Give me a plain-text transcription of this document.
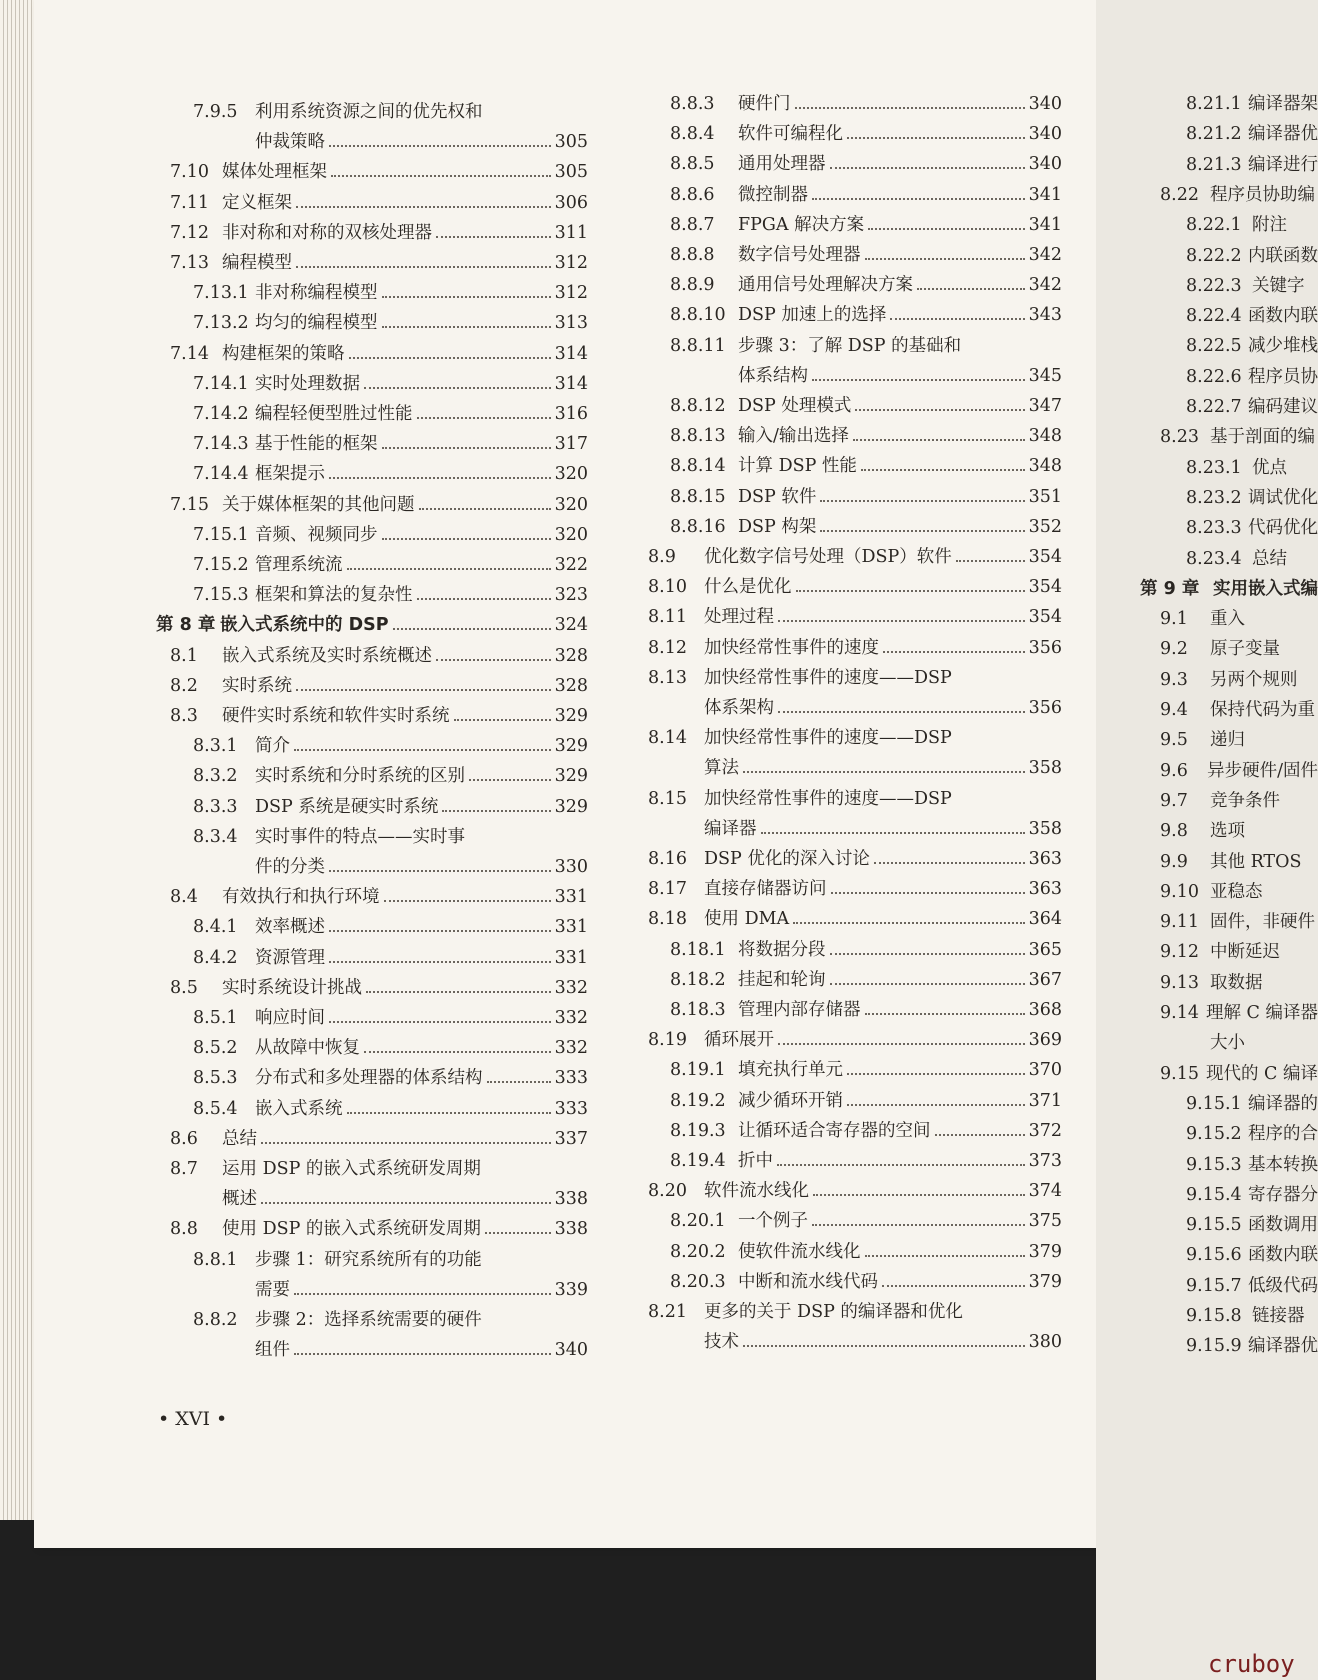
7.9.5 利用系统资源之间的优先权和
仲裁策略	305
7.10 媒体处理框架	305
7.11 定义框架	306
7.12 非对称和对称的双核处理器	311
7.13 编程模型	312
7.13.1 非对称编程模型	312
7.13.2 均匀的编程模型	313
7.14 构建框架的策略	314
7.14.1 实时处理数据	314
7.14.2 编程轻便型胜过性能	316
7.14.3 基于性能的框架	317
7.14.4 框架提示	320
7.15 关于媒体框架的其他问题	320
7.15.1 音频、视频同步	320
7.15.2 管理系统流	322
7.15.3 框架和算法的复杂性	323
第 8 章 嵌入式系统中的 DSP	324
8.1	嵌入式系统及实时系统概述	328
8.2	实时系统	328
8.3	硬件实时系统和软件实时系统	329
8.3.1 简介	329
8.3.2 实时系统和分时系统的区别	329
8.3.3 DSP 系统是硬实时系统	329
8.3.4 实时事件的特点——实时事
件的分类	330
8.4	有效执行和执行环境	331
8.4.1 效率概述	331
8.4.2 资源管理	331
8.5	实时系统设计挑战	332
8.5.1 响应时间	332
8.5.2 从故障中恢复	332
8.5.3 分布式和多处理器的体系结构	333
8.5.4 嵌入式系统	333
8.6	总结	337
8.7	运用 DSP 的嵌入式系统研发周期
概述	338
8.8	使用 DSP 的嵌入式系统研发周期	338
8.8.1 步骤 1：研究系统所有的功能
需要	339
8.8.2 步骤 2：选择系统需要的硬件
组件	340
8.8.3	硬件门	340
8.8.4	软件可编程化	340
8.8.5	通用处理器	340
8.8.6	微控制器	341
8.8.7	FPGA 解决方案	341
8.8.8	数字信号处理器	342
8.8.9	通用信号处理解决方案	342
8.8.10 DSP 加速上的选择	343
8.8.11 步骤 3：了解 DSP 的基础和
体系结构	345
8.8.12 DSP 处理模式	347
8.8.13 输入/输出选择	348
8.8.14 计算 DSP 性能	348
8.8.15 DSP 软件	351
8.8.16 DSP 构架	352
8.9	优化数字信号处理（DSP）软件	354
8.10 什么是优化	354
8.11 处理过程	354
8.12 加快经常性事件的速度	356
8.13 加快经常性事件的速度——DSP
体系架构	356
8.14 加快经常性事件的速度——DSP
算法	358
8.15 加快经常性事件的速度——DSP
编译器	358
8.16 DSP 优化的深入讨论	363
8.17 直接存储器访问	363
8.18 使用 DMA	364
8.18.1 将数据分段	365
8.18.2 挂起和轮询	367
8.18.3 管理内部存储器	368
8.19 循环展开	369
8.19.1 填充执行单元	370
8.19.2 减少循环开销	371
8.19.3 让循环适合寄存器的空间	372
8.19.4 折中	373
8.20 软件流水线化	374
8.20.1 一个例子	375
8.20.2 使软件流水线化	379
8.20.3 中断和流水线代码	379
8.21 更多的关于 DSP 的编译器和优化
技术	380
8.21.1 编译器架
8.21.2 编译器优
8.21.3 编译进行
8.22 程序员协助编
8.22.1 附注
8.22.2 内联函数
8.22.3 关键字
8.22.4 函数内联
8.22.5 减少堆栈
8.22.6 程序员协
8.22.7 编码建议
8.23 基于剖面的编
8.23.1 优点
8.23.2 调试优化
8.23.3 代码优化
8.23.4 总结
第 9 章 实用嵌入式编
9.1	重入
9.2	原子变量
9.3	另两个规则
9.4	保持代码为重
9.5	递归
9.6	异步硬件/固件
9.7	竞争条件
9.8	选项
9.9	其他 RTOS
9.10 亚稳态
9.11 固件，非硬件
9.12 中断延迟
9.13 取数据
9.14 理解 C 编译器
大小
9.15 现代的 C 编译
9.15.1 编译器的
9.15.2 程序的合
9.15.3 基本转换
9.15.4 寄存器分
9.15.5 函数调用
9.15.6 函数内联
9.15.7 低级代码
9.15.8 链接器
9.15.9 编译器优
• XVI •
cruboy
